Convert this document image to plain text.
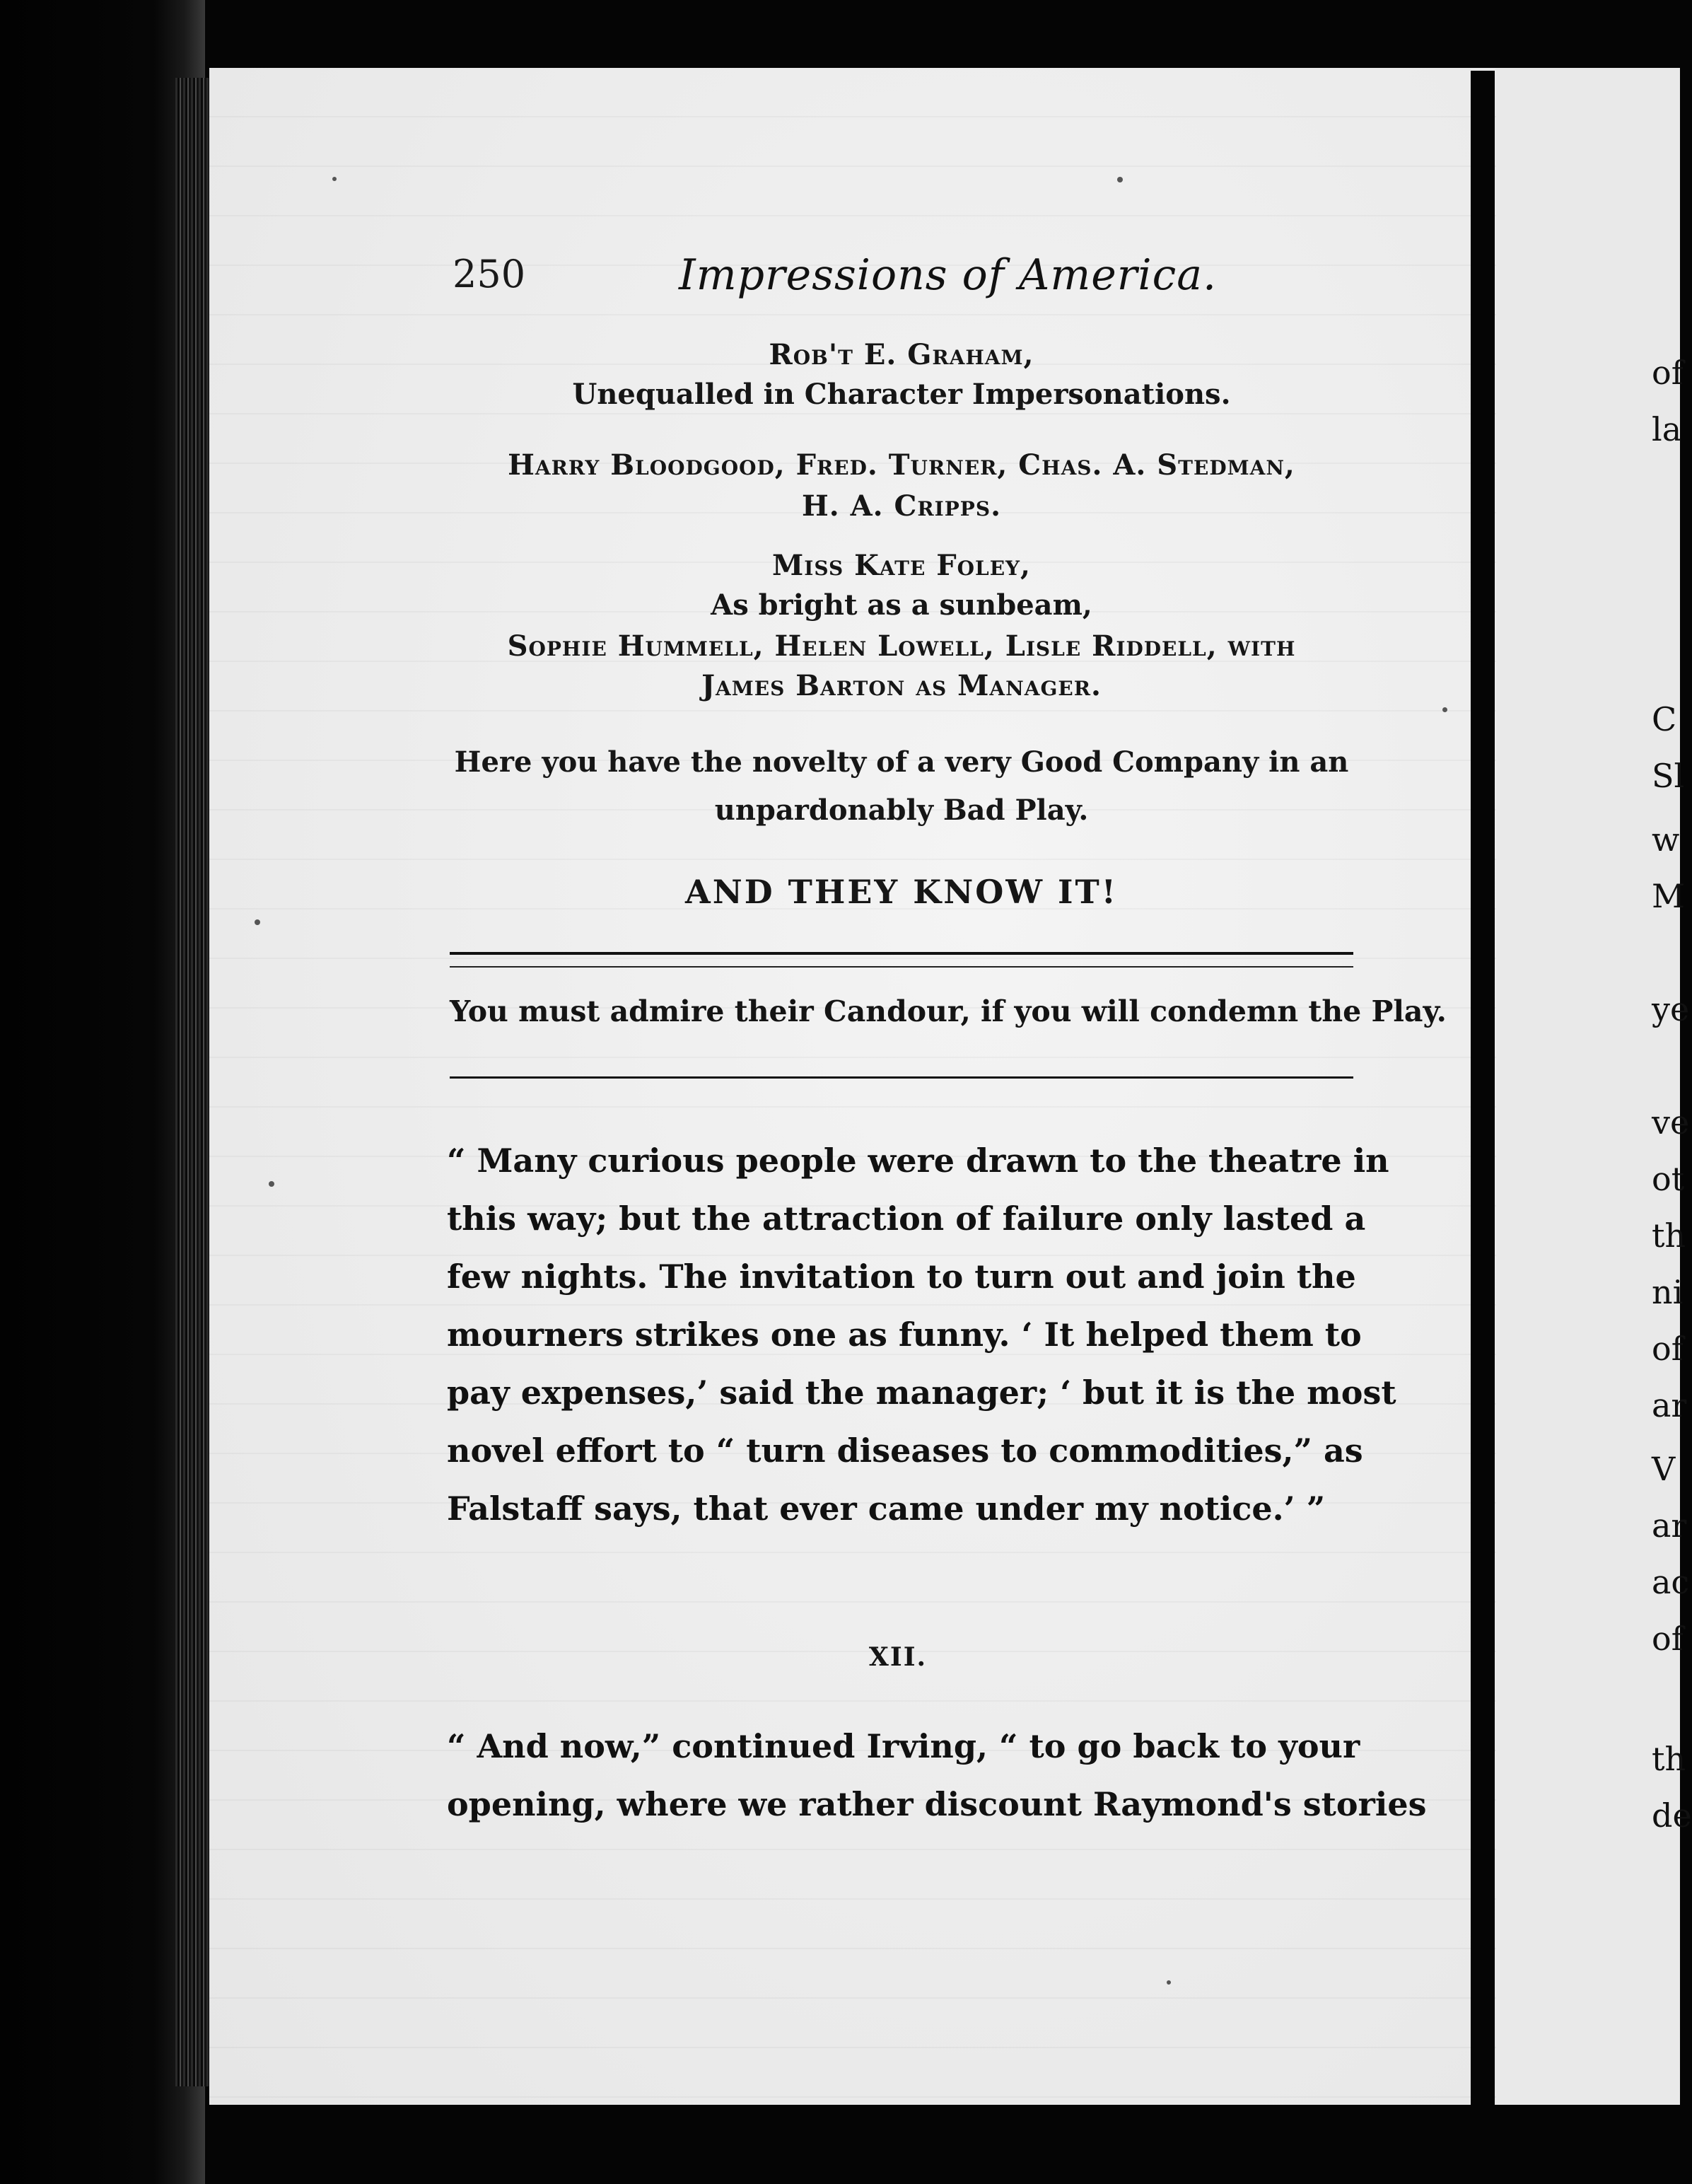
of
la
C
Sl
w
M
ye
ve
ot
th
ni
of
ar
V
ar
ac
of
th
de
250	Impressions of America.
Rob't E. Graham,
Unequalled in Character Impersonations.
Harry Bloodgood, Fred. Turner, Chas. A. Stedman,
H. A. Cripps.
Miss Kate Foley,
As bright as a sunbeam,
Sophie Hummell, Helen Lowell, Lisle Riddell, with
James Barton as Manager.
Here you have the novelty of a very Good Company in an
unpardonably Bad Play.
AND THEY KNOW IT!
You must admire their Candour, if you will condemn the Play.
“ Many curious people were drawn to the theatre in
this way; but the attraction of failure only lasted a
few nights. The invitation to turn out and join the
mourners strikes one as funny. ‘ It helped them to
pay expenses,’ said the manager; ‘ but it is the most
novel effort to “ turn diseases to commodities,” as
Falstaff says, that ever came under my notice.’ ”
XII.
“ And now,” continued Irving, “ to go back to your
opening, where we rather discount Raymond's stories
